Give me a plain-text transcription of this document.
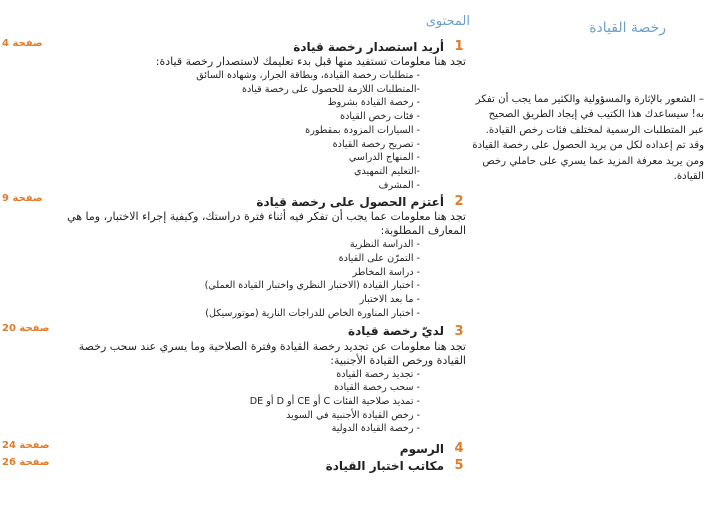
رخصة القيادة
– الشعور بالإثارة والمسؤولية والكثير مما يجب أن تفكر به! سيساعدك هذا الكتيب في إيجاد الطريق الصحيح عبر المتطلبات الرسمية لمختلف فئات رخص القيادة. وقد تم إعداده لكل من يريد الحصول على رخصة القيادة ومن يريد معرفة المزيد عما يسري على حاملي رخص القيادة.
المحتوى
1
أريد استصدار رخصة قيادة
صفحة 4
تجد هنا معلومات تستفيد منها قبل بدء تعليمك لاستصدار رخصة قيادة:
- متطلبات رخصة القيادة، وبطاقة الجرار، وشهادة السائق
-المتطلبات اللازمة للحصول على رخصة قيادة
- رخصة القيادة بشروط
- فئات رخص القيادة
- السيارات المزودة بمقطورة
- تصريح رخصة القيادة
- المنهاج الدراسي
-التعليم التمهيدي
- المشرف
2
أعتزم الحصول على رخصة قيادة
صفحة 9
تجد هنا معلومات عما يجب أن تفكر فيه أثناء فترة دراستك، وكيفية إجراء الاختبار، وما هي المعارف المطلوبة:
- الدراسة النظرية
- التمرّن على القيادة
- دراسة المخاطر
- اختبار القيادة (الاختبار النظري واختبار القيادة العملي)
- ما بعد الاختبار
- اختبار المناورة الخاص للدراجات النارية (موتورسيكل)
3
لديّ رخصة قيادة
صفحة 20
تجد هنا معلومات عن تجديد رخصة القيادة وفترة الصلاحية وما يسري عند سحب رخصة القيادة ورخص القيادة الأجنبية:
- تجديد رخصة القيادة
- سحب رخصة القيادة
- تمديد صلاحية الفئات C أو CE أو D أو DE
- رخص القيادة الأجنبية في السويد
- رخصة القيادة الدولية
4
الرسوم
صفحة 24
5
مكاتب اختبار القيادة
صفحة 26
